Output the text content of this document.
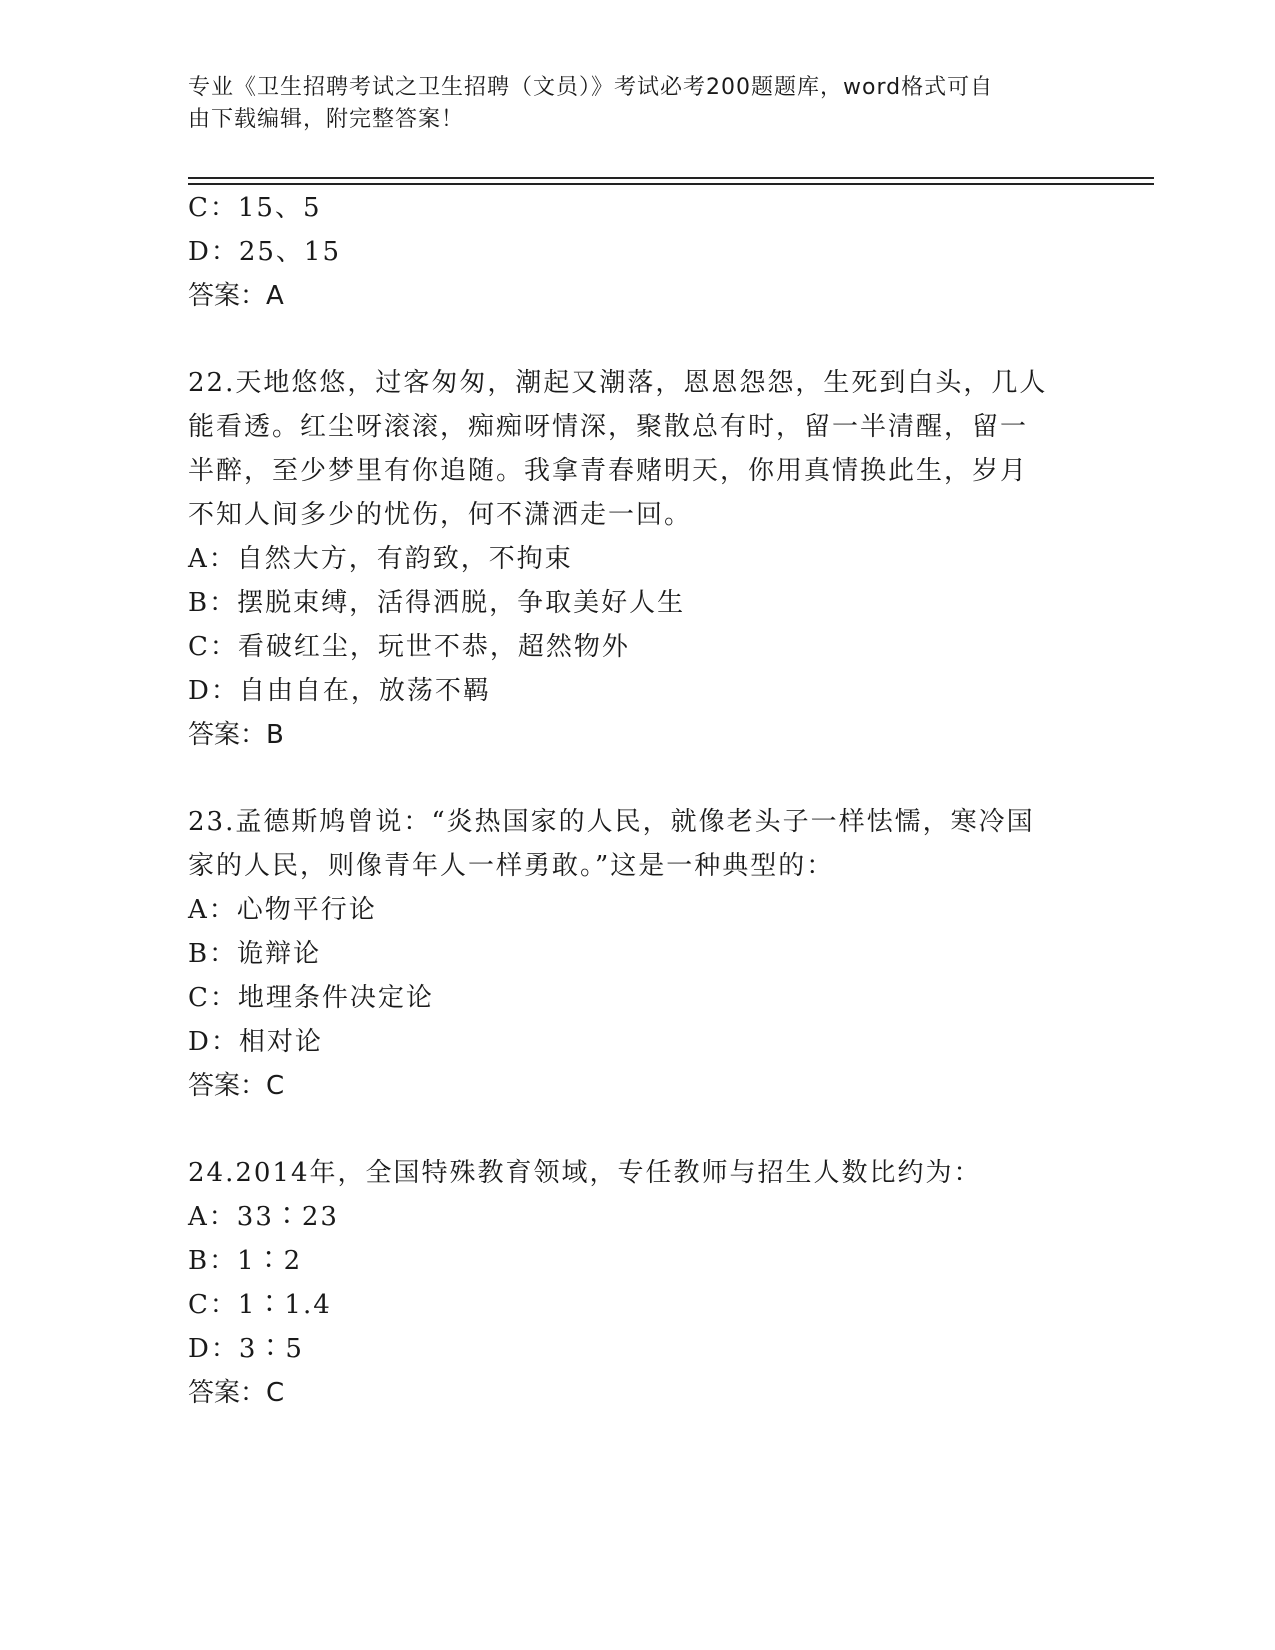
专业《卫生招聘考试之卫生招聘（文员）》考试必考200题题库，word格式可自
由下载编辑，附完整答案！
C：15、5
D：25、15
答案：A
22.天地悠悠，过客匆匆，潮起又潮落，恩恩怨怨，生死到白头，几人
能看透。红尘呀滚滚，痴痴呀情深，聚散总有时，留一半清醒，留一
半醉，至少梦里有你追随。我拿青春赌明天，你用真情换此生，岁月
不知人间多少的忧伤，何不潇洒走一回。
A：自然大方，有韵致，不拘束
B：摆脱束缚，活得洒脱，争取美好人生
C：看破红尘，玩世不恭，超然物外
D：自由自在，放荡不羁
答案：B
23.孟德斯鸠曾说：“炎热国家的人民，就像老头子一样怯懦，寒冷国
家的人民，则像青年人一样勇敢。”这是一种典型的：
A：心物平行论
B：诡辩论
C：地理条件决定论
D：相对论
答案：C
24.2014年，全国特殊教育领域，专任教师与招生人数比约为：
A：33∶23
B：1∶2
C：1∶1.4
D：3∶5
答案：C
